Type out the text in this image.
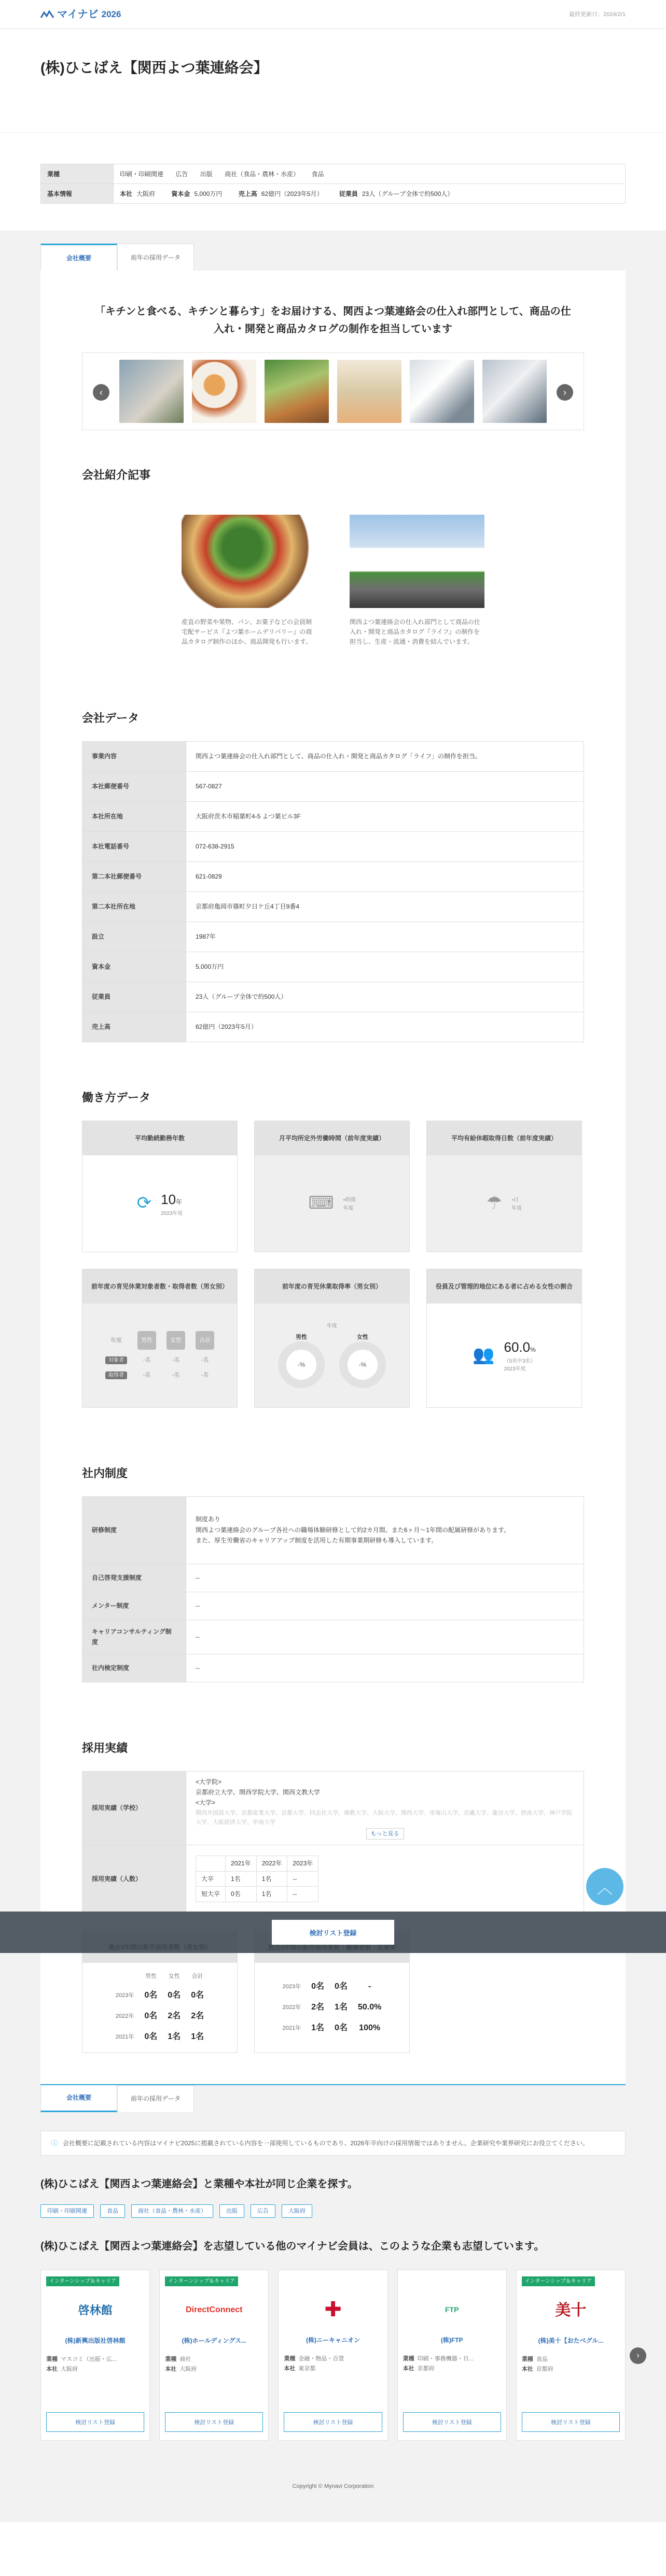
マイナビ 2026	最終更新日：2024/2/1
(株)ひこばえ【関西よつ葉連絡会】
業種	印刷・印刷関連 広告 出版 商社（食品・農林・水産） 食品
基本情報	本社 大阪府 資本金 5,000万円 売上高 62億円（2023年5月） 従業員 23人（グループ全体で約500人）
会社概要	前年の採用データ

「キチンと食べる、キチンと暮らす」をお届けする、関西よつ葉連絡会の仕入れ部門として、商品の仕入れ・開発と商品カタログの制作を担当しています

‹	›
会社紹介記事

産直の野菜や果物、パン、お菓子などの会員制宅配サービス『よつ葉ホームデリバリー』の商品カタログ制作のほか、商品開発も行います。

関西よつ葉連絡会の仕入れ部門として商品の仕入れ・開発と商品カタログ『ライフ』の制作を担当し、生産・流通・消費を結んでいます。

会社データ
事業内容	関西よつ葉連絡会の仕入れ部門として、商品の仕入れ・開発と商品カタログ「ライフ」の制作を担当。
本社郵便番号	567-0827
本社所在地	大阪府茨木市稲葉町4-5 よつ葉ビル3F
本社電話番号	072-638-2915
第二本社郵便番号	621-0829
第二本社所在地	京都府亀岡市篠町夕日ケ丘4丁目9番4
設立	1987年
資本金	5,000万円
従業員	23人（グループ全体で約500人）
売上高	62億円（2023年5月）
働き方データ
平均勤続勤務年数
⟳ 10年
2023年度
月平均所定外労働時間（前年度実績）
⌨ -時間
年度
平均有給休暇取得日数（前年度実績）
☂ -日
年度
前年度の育児休業対象者数・取得者数（男女別）
年度	男性	女性	合計
対象者	-名	-名	-名
取得者	-名	-名	-名
前年度の育児休業取得率（男女別）
年度
男性
-%
女性
-%
役員及び管理的地位にある者に占める女性の割合
👥 60.0%
（5名中3名）
2023年度
社内制度
研修制度	制度あり
関西よつ葉連絡会のグループ各社への職場体験研修として約2カ月間、また6ヶ月〜1年間の配属研修があります。
また、厚生労働省のキャリアアップ制度を活用した有期事業期研修も導入しています。

自己啓発支援制度	--
メンター制度	--
キャリアコンサルティング制度	--
社内検定制度	--
採用実績
採用実績（学校）	
<大学院>
京都府立大学、関西学院大学、関西文教大学
<大学>
関西外国語大学、京都産業大学、京都大学、同志社大学、佛教大学、大阪大学、関西大学、帝塚山大学、近畿大学、龍谷大学、摂南大学、神戸学院大学、大阪経済大学、甲南大学
もっと見る

採用実績（人数）	
	2021年	2022年	2023年
大卒	1名	1名	--
短大卒	0名	1名	--
	男性	女性	合計
2023年	0名	0名	0名
2022年	0名	2名	2名
2021年	0名	1名	1名

2023年	0名	0名	-
2022年	2名	1名	50.0%
2021年	1名	0名	100%
会社概要	前年の採用データ
ⓘ 会社概要に記載されている内容はマイナビ2025に掲載されている内容を一部使用しているものであり、2026年卒向けの採用情報ではありません。企業研究や業界研究にお役立てください。
(株)ひこばえ【関西よつ葉連絡会】と業種や本社が同じ企業を探す。
印刷・印刷関連	食品	商社（食品・農林・水産）	出版	広告	大阪府
(株)ひこばえ【関西よつ葉連絡会】を志望している他のマイナビ会員は、このような企業も志望しています。
インターンシップ＆キャリア
啓林館
(株)新興出版社啓林館
業種 マスコミ（出版・広...
本社 大阪府
検討リスト登録
インターンシップ＆キャリア
DirectConnect
(株)ホールディングス...
業種 商社
本社 大阪府
検討リスト登録
✚
(株)ニーキャニオン
業種 金融・物品・百貨
本社 東京都
検討リスト登録
FTP
(株)FTP
業種 印刷・事務機器・日...
本社 京都府
検討リスト登録
インターンシップ＆キャリア
美十
(株)美十【おたべグル...
業種 食品
本社 京都府
検討リスト登録
›
Copyright © Mynavi Corporation
検討リスト登録
︿
